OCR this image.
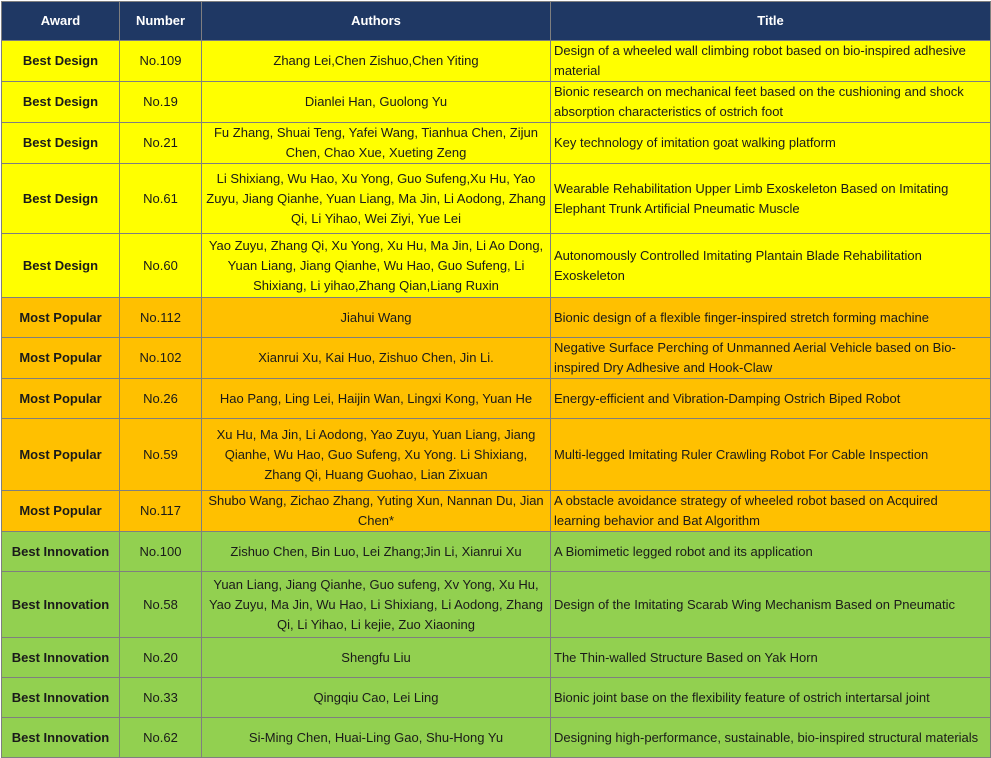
Award	Number	Authors	Title
Best Design	No.109	Zhang Lei,Chen Zishuo,Chen Yiting	Design of a wheeled wall climbing robot based on bio-inspired adhesive material
Best Design	No.19	Dianlei Han, Guolong Yu	Bionic research on mechanical feet based on the cushioning and shock absorption characteristics of ostrich foot
Best Design	No.21	Fu Zhang, Shuai Teng, Yafei Wang, Tianhua Chen, Zijun Chen, Chao Xue, Xueting Zeng	Key technology of imitation goat walking platform
Best Design	No.61	Li Shixiang, Wu Hao, Xu Yong, Guo Sufeng,Xu Hu, Yao Zuyu, Jiang Qianhe, Yuan Liang, Ma Jin, Li Aodong, Zhang Qi, Li Yihao, Wei Ziyi, Yue Lei	Wearable Rehabilitation Upper Limb Exoskeleton Based on Imitating Elephant Trunk Artificial Pneumatic Muscle
Best Design	No.60	Yao Zuyu, Zhang Qi, Xu Yong, Xu Hu, Ma Jin, Li Ao Dong, Yuan Liang, Jiang Qianhe, Wu Hao, Guo Sufeng, Li Shixiang, Li yihao,Zhang Qian,Liang Ruxin	Autonomously Controlled Imitating Plantain Blade Rehabilitation Exoskeleton
Most Popular	No.112	Jiahui Wang	Bionic design of a flexible finger-inspired stretch forming machine
Most Popular	No.102	Xianrui Xu, Kai Huo, Zishuo Chen, Jin Li.	Negative Surface Perching of Unmanned Aerial Vehicle based on Bio-inspired Dry Adhesive and Hook-Claw
Most Popular	No.26	Hao Pang, Ling Lei, Haijin Wan, Lingxi Kong, Yuan He	Energy-efficient and Vibration-Damping Ostrich Biped Robot
Most Popular	No.59	Xu Hu, Ma Jin, Li Aodong, Yao Zuyu, Yuan Liang, Jiang Qianhe, Wu Hao, Guo Sufeng, Xu Yong. Li Shixiang, Zhang Qi, Huang Guohao, Lian Zixuan	Multi-legged Imitating Ruler Crawling Robot For Cable Inspection
Most Popular	No.117	Shubo Wang, Zichao Zhang, Yuting Xun, Nannan Du, Jian Chen*	A obstacle avoidance strategy of wheeled robot based on Acquired learning behavior and Bat Algorithm
Best Innovation	No.100	Zishuo Chen, Bin Luo, Lei Zhang;Jin Li, Xianrui Xu	A Biomimetic legged robot and its application
Best Innovation	No.58	Yuan Liang, Jiang Qianhe, Guo sufeng, Xv Yong, Xu Hu, Yao Zuyu, Ma Jin, Wu Hao, Li Shixiang, Li Aodong, Zhang Qi, Li Yihao, Li kejie, Zuo Xiaoning	Design of the Imitating Scarab Wing Mechanism Based on Pneumatic
Best Innovation	No.20	Shengfu Liu	The Thin-walled Structure Based on Yak Horn
Best Innovation	No.33	Qingqiu Cao, Lei Ling	Bionic joint base on the flexibility feature of ostrich intertarsal joint
Best Innovation	No.62	Si-Ming Chen, Huai-Ling Gao, Shu-Hong Yu	Designing high-performance, sustainable, bio-inspired structural materials
